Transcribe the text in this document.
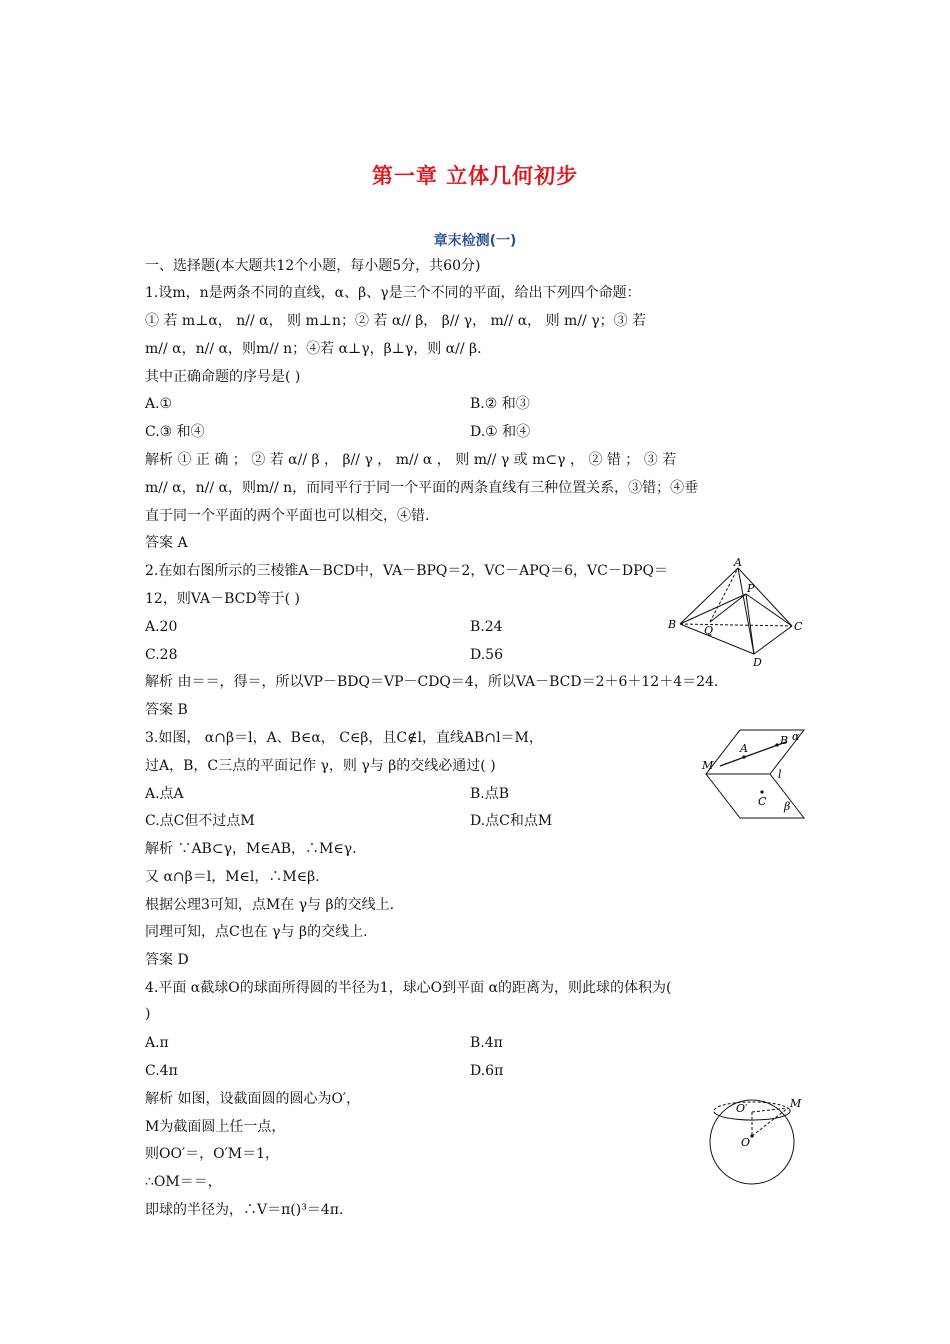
第一章 立体几何初步
章末检测(一)
一、选择题(本大题共12个小题，每小题5分，共60分)
1.设m，n是两条不同的直线，α、β、γ是三个不同的平面，给出下列四个命题：
① 若 m⊥α， n// α， 则 m⊥n；② 若 α// β， β// γ， m// α， 则 m// γ；③ 若
m// α，n// α，则m// n；④若 α⊥γ，β⊥γ，则 α// β.
其中正确命题的序号是( )
A.①	B.② 和③
C.③ 和④	D.① 和④
解析 ① 正 确 ； ② 若 α// β ， β// γ ， m// α ， 则 m// γ 或 m⊂γ ， ② 错 ； ③ 若
m// α，n// α，则m// n，而同平行于同一个平面的两条直线有三种位置关系，③错；④垂
直于同一个平面的两个平面也可以相交，④错.
答案 A
2.在如右图所示的三棱锥A－BCD中，VA－BPQ＝2，VC－APQ＝6，VC－DPQ＝
12，则VA－BCD等于( )
A.20	B.24
C.28	D.56
解析 由＝＝，得＝，所以VP－BDQ＝VP－CDQ＝4，所以VA－BCD＝2＋6＋12＋4＝24.
答案 B
A
B	C
D
P
Q
3.如图， α∩β＝l，A、B∈α， C∈β，且C∉l，直线AB∩l＝M，
过A，B，C三点的平面记作 γ，则 γ与 β的交线必通过( )
A.点A	B.点B
C.点C但不过点M	D.点C和点M
解析 ∵AB⊂γ，M∈AB，∴M∈γ.
又 α∩β＝l，M∈l，∴M∈β.
根据公理3可知，点M在 γ与 β的交线上.
同理可知，点C也在 γ与 β的交线上.
答案 D
A
B
M
C
l
α
β
4.平面 α截球O的球面所得圆的半径为1，球心O到平面 α的距离为，则此球的体积为(
)
A.π	B.4π
C.4π	D.6π
解析 如图，设截面圆的圆心为O′，
M为截面圆上任一点，
则OO′＝，O′M＝1，
∴OM＝＝，
即球的半径为，∴V＝π()³＝4π.
O′
O
M
